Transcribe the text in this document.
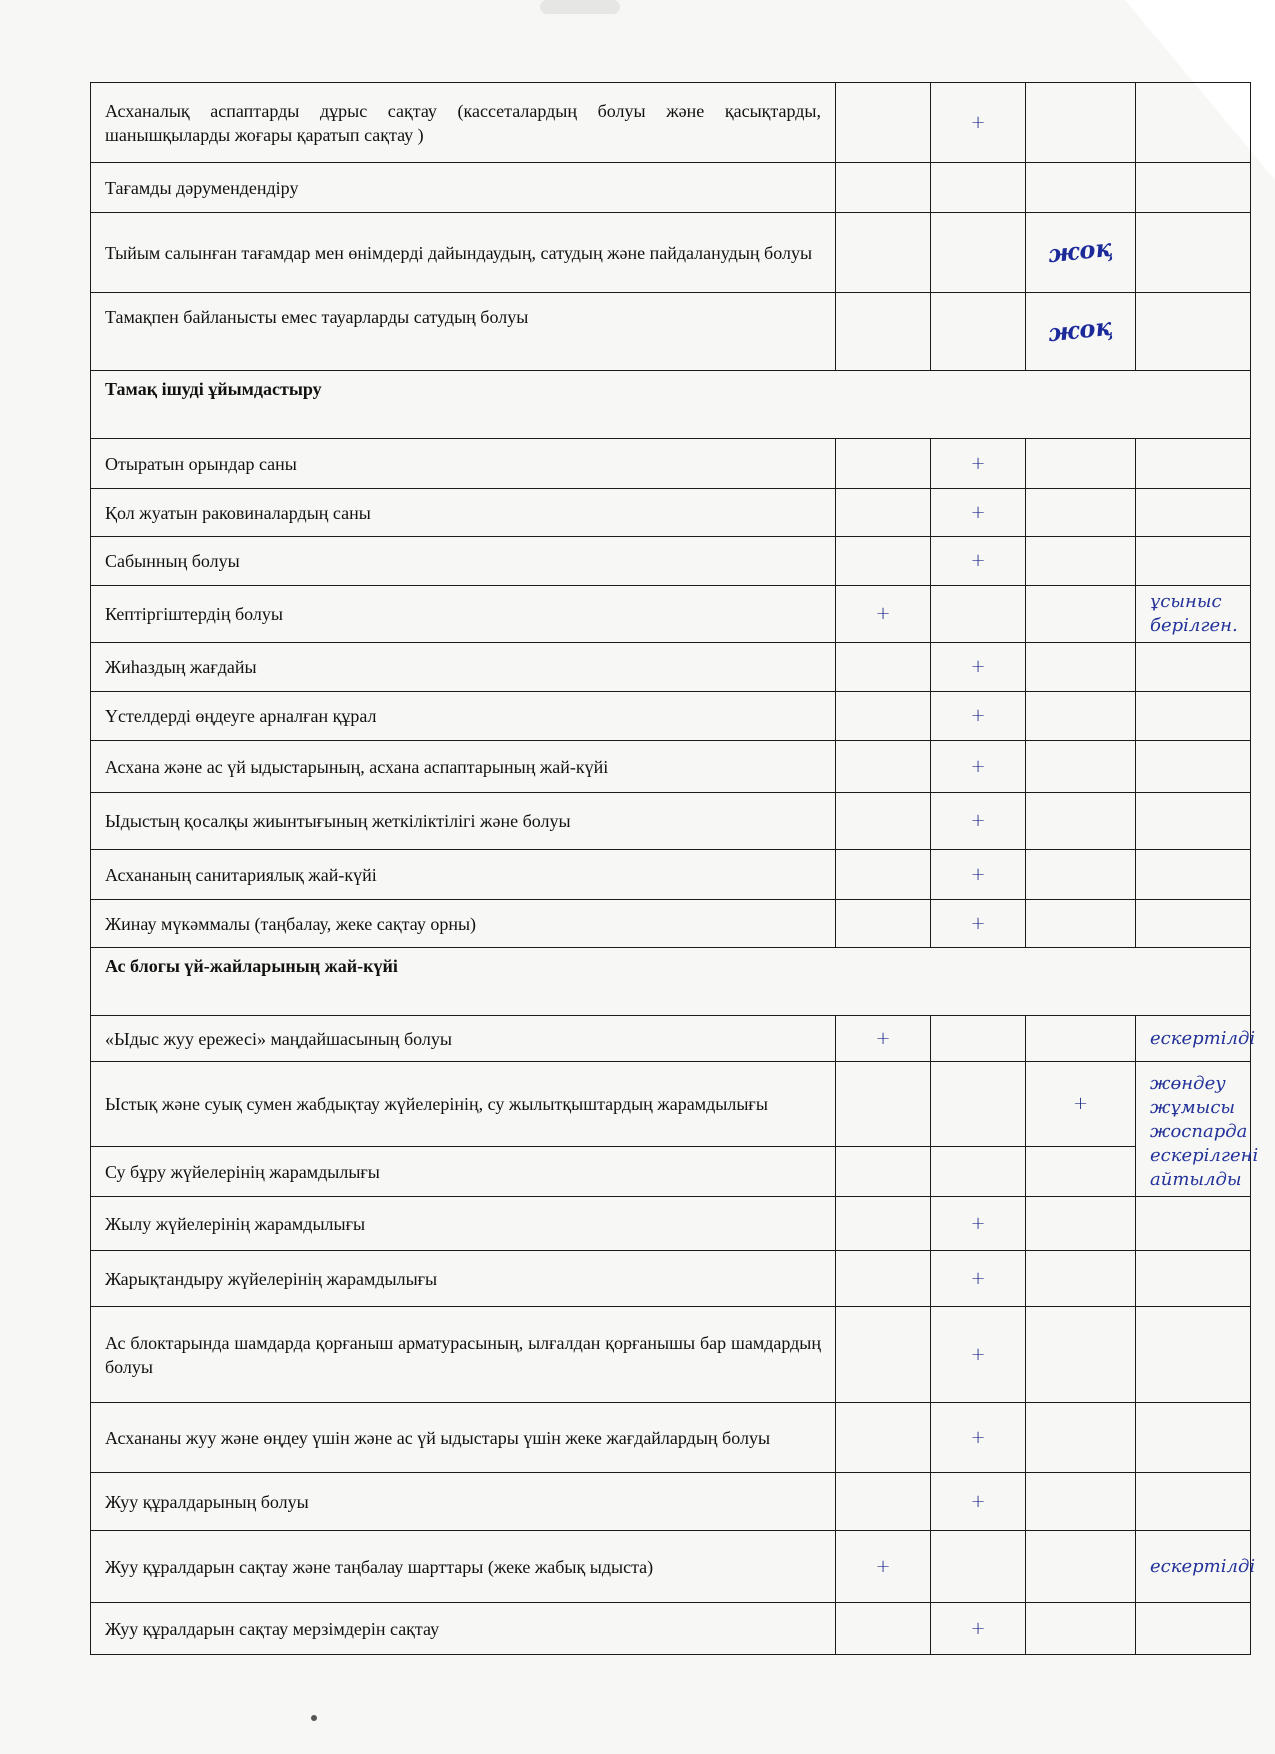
Асханалық аспаптарды дұрыс сақтау (кассеталардың болуы және қасықтарды, шанышқыларды жоғары қаратып сақтау )		+		
Тағамды дәрумендендіру				
Тыйым салынған тағамдар мен өнімдерді дайындаудың, сатудың және пайдаланудың болуы			жоқ	
Тамақпен байланысты емес тауарларды сатудың болуы			жоқ	
Тамақ ішуді ұйымдастыру				
Отыратын орындар саны		+		
Қол жуатын раковиналардың саны		+		
Сабынның болуы		+		
Кептіргіштердің болуы	+			ұсыныс берілген.
Жиһаздың жағдайы		+		
Үстелдерді өңдеуге арналған құрал		+		
Асхана және ас үй ыдыстарының, асхана аспаптарының жай-күйі		+		
Ыдыстың қосалқы жиынтығының жеткіліктілігі және болуы		+		
Асхананың санитариялық жай-күйі		+		
Жинау мүкәммалы (таңбалау, жеке сақтау орны)		+		
Ас блогы үй-жайларының жай-күйі				
«Ыдыс жуу ережесі» маңдайшасының болуы	+			ескертілді
Ыстық және суық сумен жабдықтау жүйелерінің, су жылытқыштардың жарамдылығы			+	жөндеу жұмысы жоспарда ескерілгені айтылды
Су бұру жүйелерінің жарамдылығы				
Жылу жүйелерінің жарамдылығы		+		
Жарықтандыру жүйелерінің жарамдылығы		+		
Ас блоктарында шамдарда қорғаныш арматурасының, ылғалдан қорғанышы бар шамдардың болуы		+		
Асхананы жуу және өңдеу үшін және ас үй ыдыстары үшін жеке жағдайлардың болуы		+		
Жуу құралдарының болуы		+		
Жуу құралдарын сақтау және таңбалау шарттары (жеке жабық ыдыста)	+			ескертілді
Жуу құралдарын сақтау мерзімдерін сақтау		+		
